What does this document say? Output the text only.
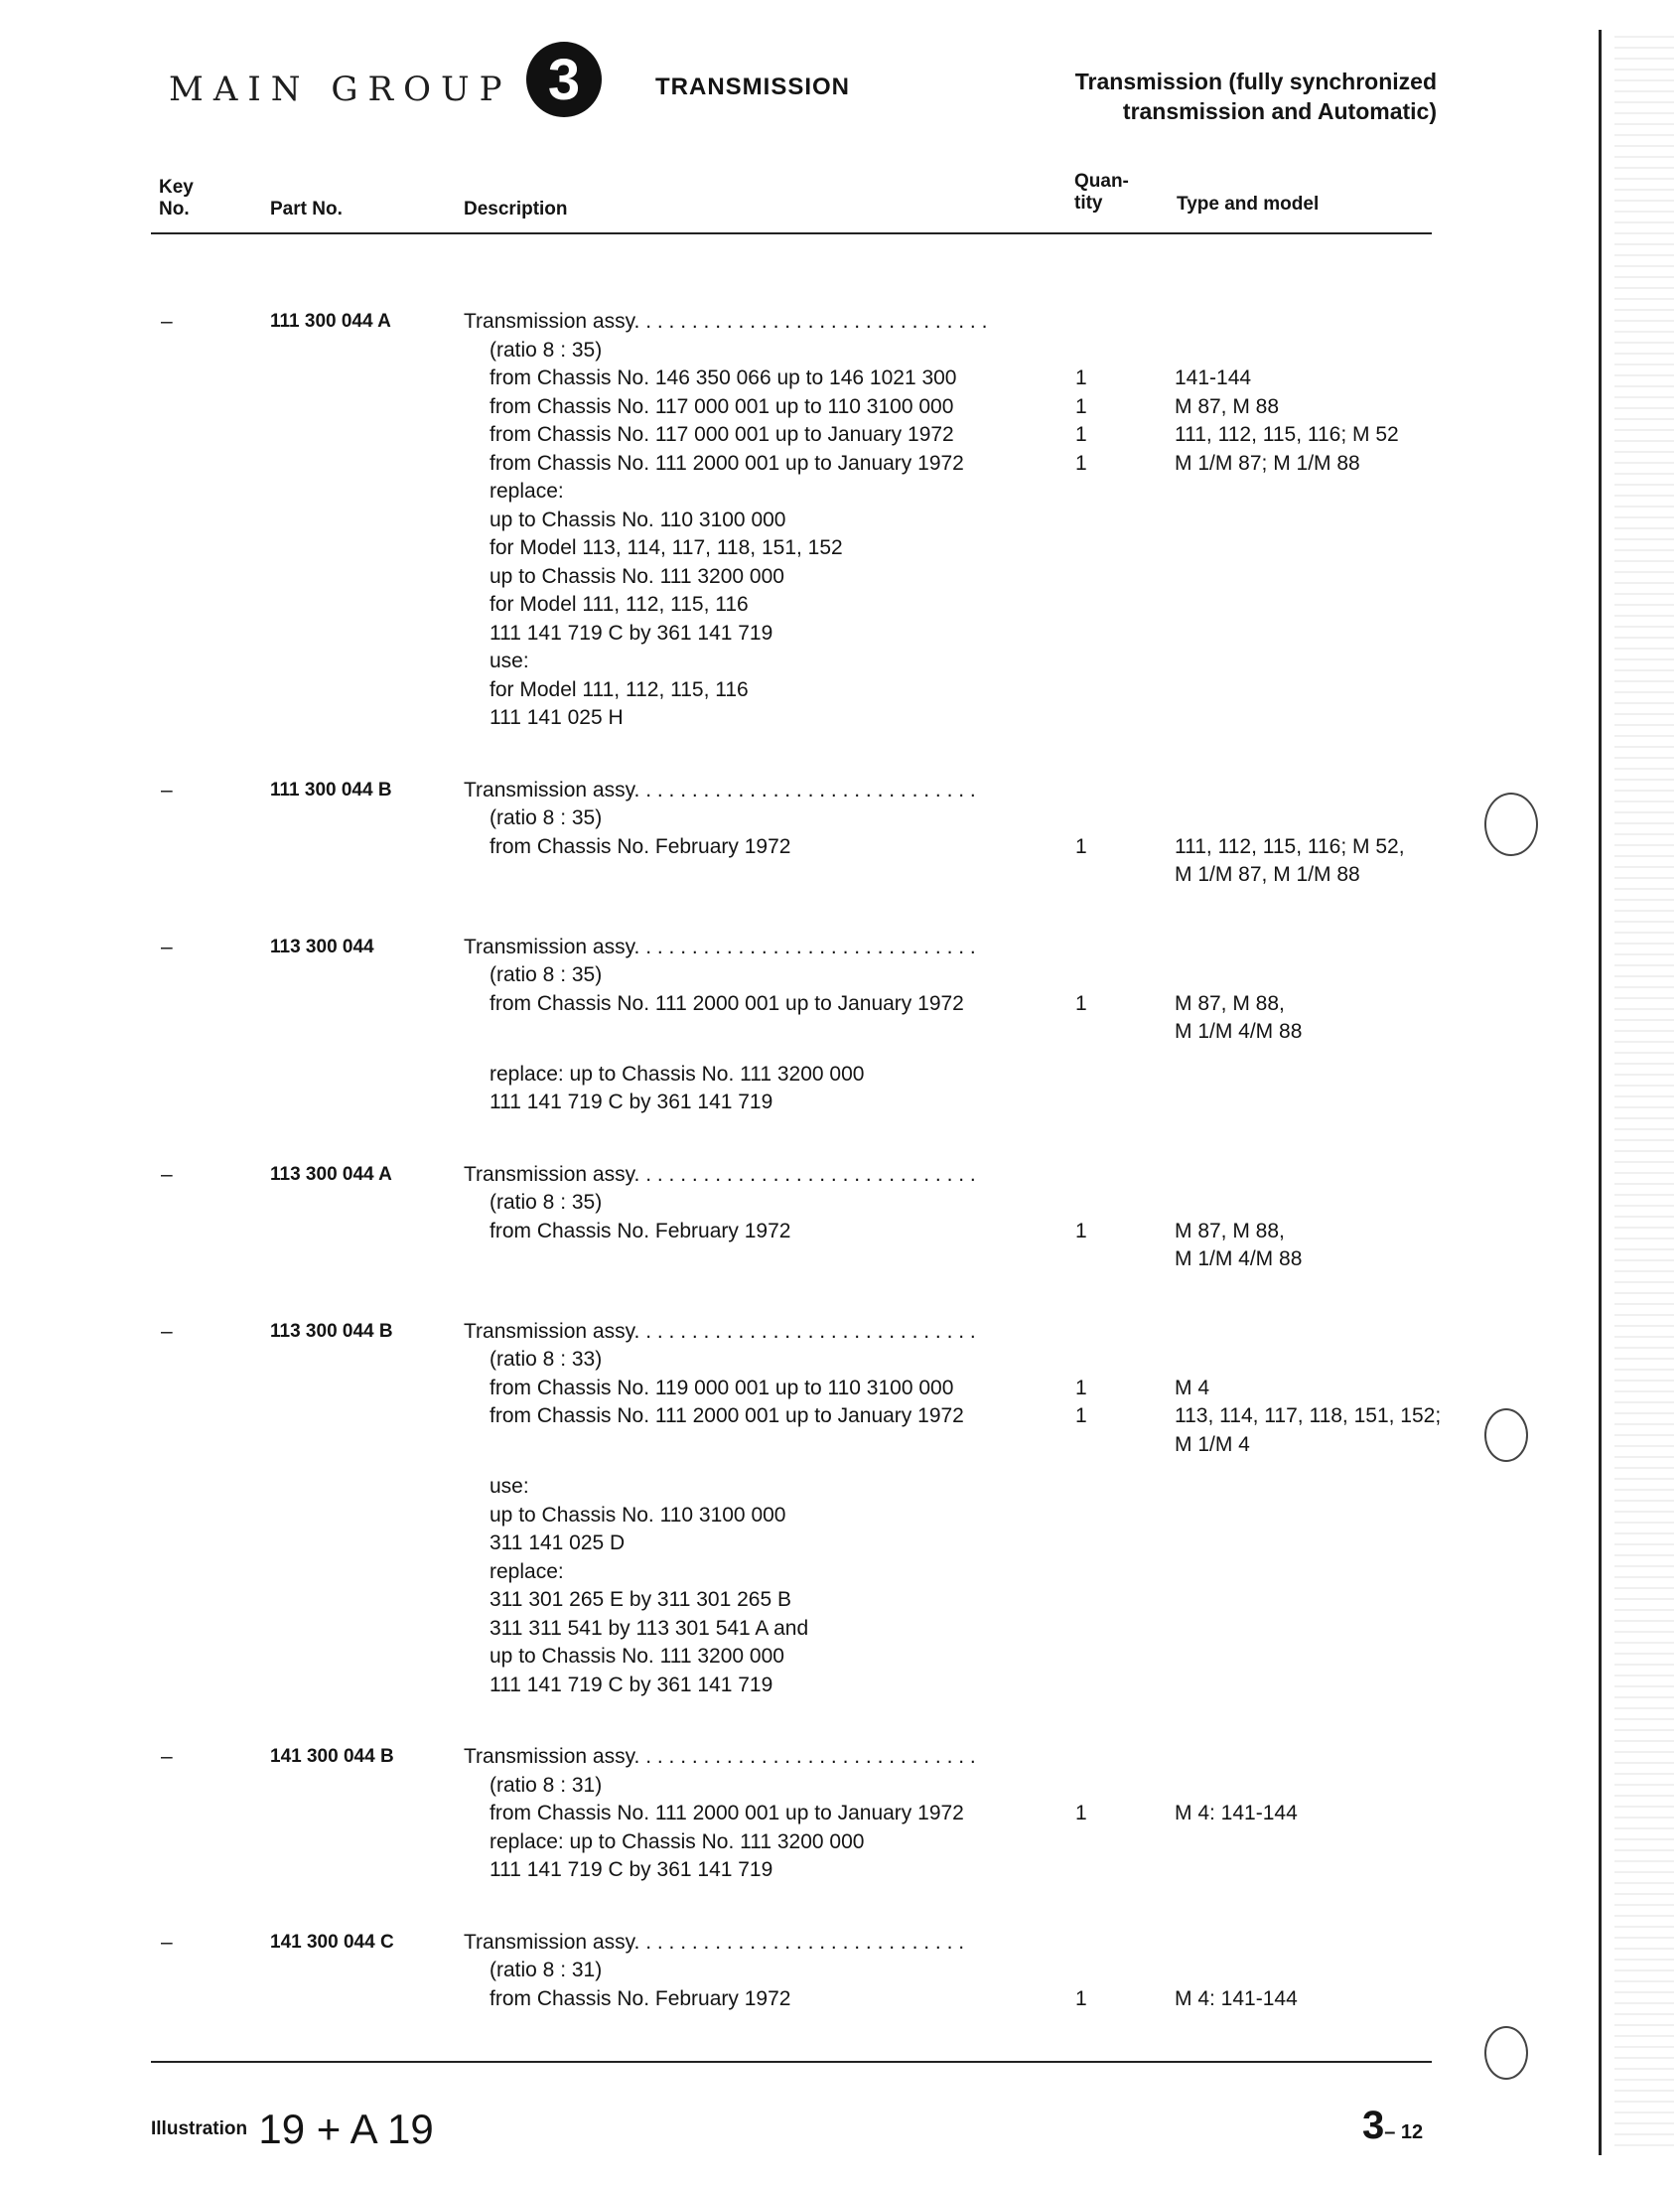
MAIN GROUP 3	TRANSMISSION	Transmission (fully synchronized
transmission and Automatic)
Key
No.	Part No.	Description
Quan-
tity	Type and model
–	111 300 044 A	Transmission assy. . . . . . . . . . . . . . . . . . . . . . . . . . . . . . .
(ratio 8 : 35)
from Chassis No. 146 350 066 up to 146 1021 300	1	141-144
from Chassis No. 117 000 001 up to 110 3100 000	1	M 87, M 88
from Chassis No. 117 000 001 up to January 1972	1	111, 112, 115, 116; M 52
from Chassis No. 111 2000 001 up to January 1972	1	M 1/M 87; M 1/M 88
replace:
up to Chassis No. 110 3100 000
for Model 113, 114, 117, 118, 151, 152
up to Chassis No. 111 3200 000
for Model 111, 112, 115, 116
111 141 719 C by 361 141 719
use:
for Model 111, 112, 115, 116
111 141 025 H
–	111 300 044 B	Transmission assy. . . . . . . . . . . . . . . . . . . . . . . . . . . . . .
(ratio 8 : 35)
from Chassis No. February 1972	1	111, 112, 115, 116; M 52,
M 1/M 87, M 1/M 88
–	113 300 044	Transmission assy. . . . . . . . . . . . . . . . . . . . . . . . . . . . . .
(ratio 8 : 35)
from Chassis No. 111 2000 001 up to January 1972	1	M 87, M 88,
M 1/M 4/M 88
replace: up to Chassis No. 111 3200 000
111 141 719 C by 361 141 719
–	113 300 044 A	Transmission assy. . . . . . . . . . . . . . . . . . . . . . . . . . . . . .
(ratio 8 : 35)
from Chassis No. February 1972	1	M 87, M 88,
M 1/M 4/M 88
–	113 300 044 B	Transmission assy. . . . . . . . . . . . . . . . . . . . . . . . . . . . . .
(ratio 8 : 33)
from Chassis No. 119 000 001 up to 110 3100 000	1	M 4
from Chassis No. 111 2000 001 up to January 1972	1	113, 114, 117, 118, 151, 152;
M 1/M 4
use:
up to Chassis No. 110 3100 000
311 141 025 D
replace:
311 301 265 E by 311 301 265 B
311 311 541 by 113 301 541 A and
up to Chassis No. 111 3200 000
111 141 719 C by 361 141 719
–	141 300 044 B	Transmission assy. . . . . . . . . . . . . . . . . . . . . . . . . . . . . .
(ratio 8 : 31)
from Chassis No. 111 2000 001 up to January 1972	1	M 4: 141-144
replace: up to Chassis No. 111 3200 000
111 141 719 C by 361 141 719
–	141 300 044 C	Transmission assy. . . . . . . . . . . . . . . . . . . . . . . . . . . . .
(ratio 8 : 31)
from Chassis No. February 1972	1	M 4: 141-144
Illustration 19 + A 19	3– 12
